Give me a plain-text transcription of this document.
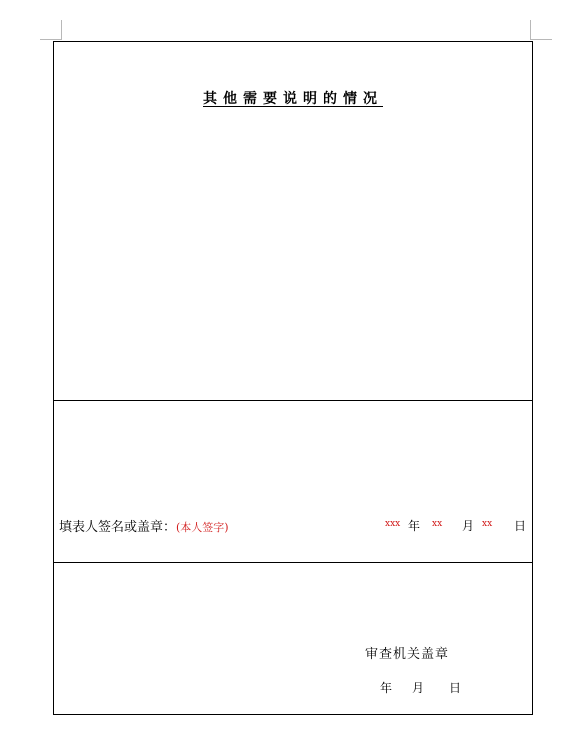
其他需要说明的情况
填表人签名或盖章：(本人签字)	xxx 年 xx 月 xx 日
审查机关盖章
年 月 日
